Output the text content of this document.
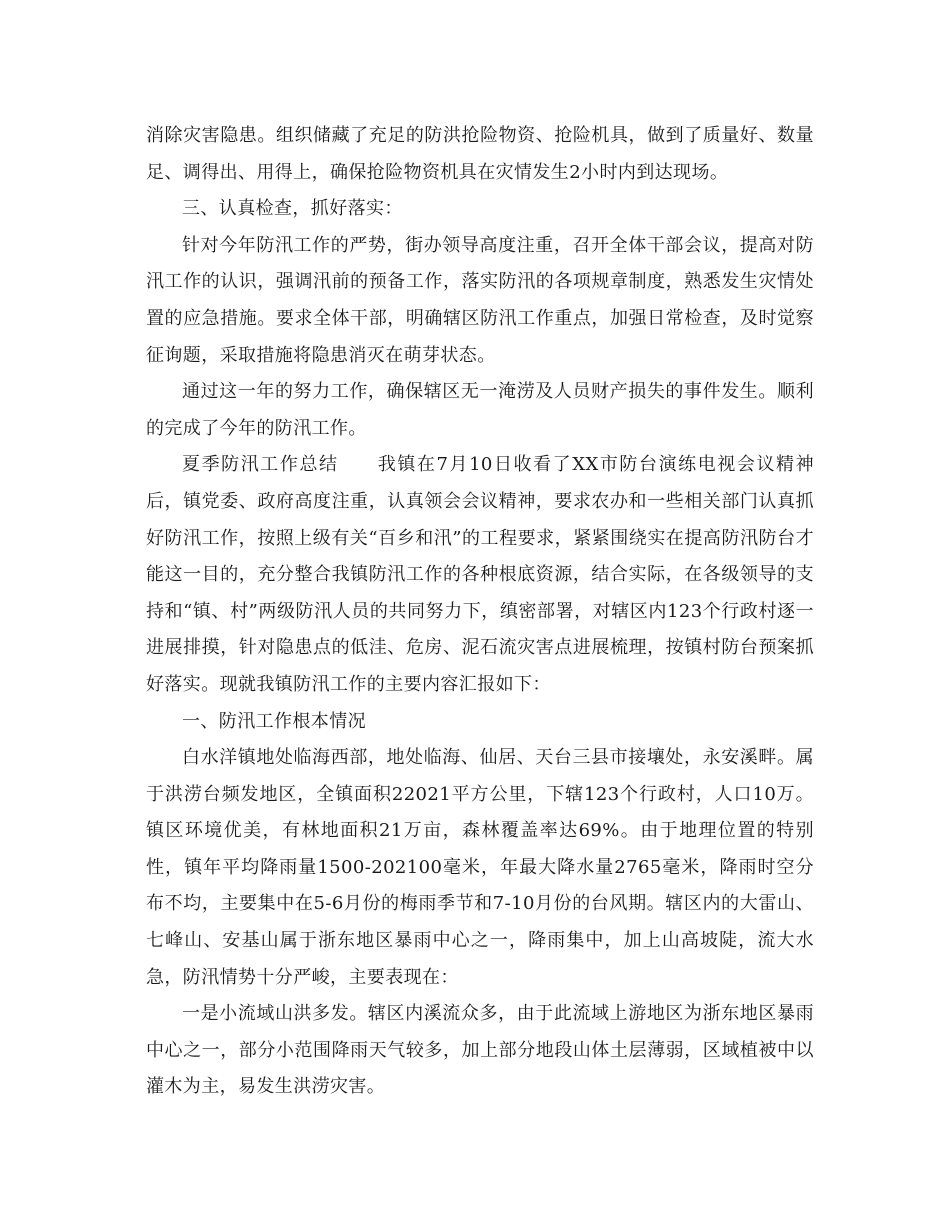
消除灾害隐患。组织储藏了充足的防洪抢险物资、抢险机具，做到了质量好、数量足、调得出、用得上，确保抢险物资机具在灾情发生2小时内到达现场。

三、认真检查，抓好落实：

针对今年防汛工作的严势，街办领导高度注重，召开全体干部会议，提高对防汛工作的认识，强调汛前的预备工作，落实防汛的各项规章制度，熟悉发生灾情处置的应急措施。要求全体干部，明确辖区防汛工作重点，加强日常检查，及时觉察征询题，采取措施将隐患消灭在萌芽状态。

通过这一年的努力工作，确保辖区无一淹涝及人员财产损失的事件发生。顺利的完成了今年的防汛工作。

夏季防汛工作总结　　我镇在7月10日收看了XX市防台演练电视会议精神后，镇党委、政府高度注重，认真领会会议精神，要求农办和一些相关部门认真抓好防汛工作，按照上级有关“百乡和汛”的工程要求，紧紧围绕实在提高防汛防台才能这一目的，充分整合我镇防汛工作的各种根底资源，结合实际，在各级领导的支持和“镇、村”两级防汛人员的共同努力下，缜密部署，对辖区内123个行政村逐一进展排摸，针对隐患点的低洼、危房、泥石流灾害点进展梳理，按镇村防台预案抓好落实。现就我镇防汛工作的主要内容汇报如下：

一、防汛工作根本情况

白水洋镇地处临海西部，地处临海、仙居、天台三县市接壤处，永安溪畔。属于洪涝台频发地区，全镇面积22021平方公里，下辖123个行政村，人口10万。镇区环境优美，有林地面积21万亩，森林覆盖率达69%。由于地理位置的特别性，镇年平均降雨量1500-202100毫米，年最大降水量2765毫米，降雨时空分布不均，主要集中在5-6月份的梅雨季节和7-10月份的台风期。辖区内的大雷山、七峰山、安基山属于浙东地区暴雨中心之一，降雨集中，加上山高坡陡，流大水急，防汛情势十分严峻，主要表现在：

一是小流域山洪多发。辖区内溪流众多，由于此流域上游地区为浙东地区暴雨中心之一，部分小范围降雨天气较多，加上部分地段山体土层薄弱，区域植被中以灌木为主，易发生洪涝灾害。
